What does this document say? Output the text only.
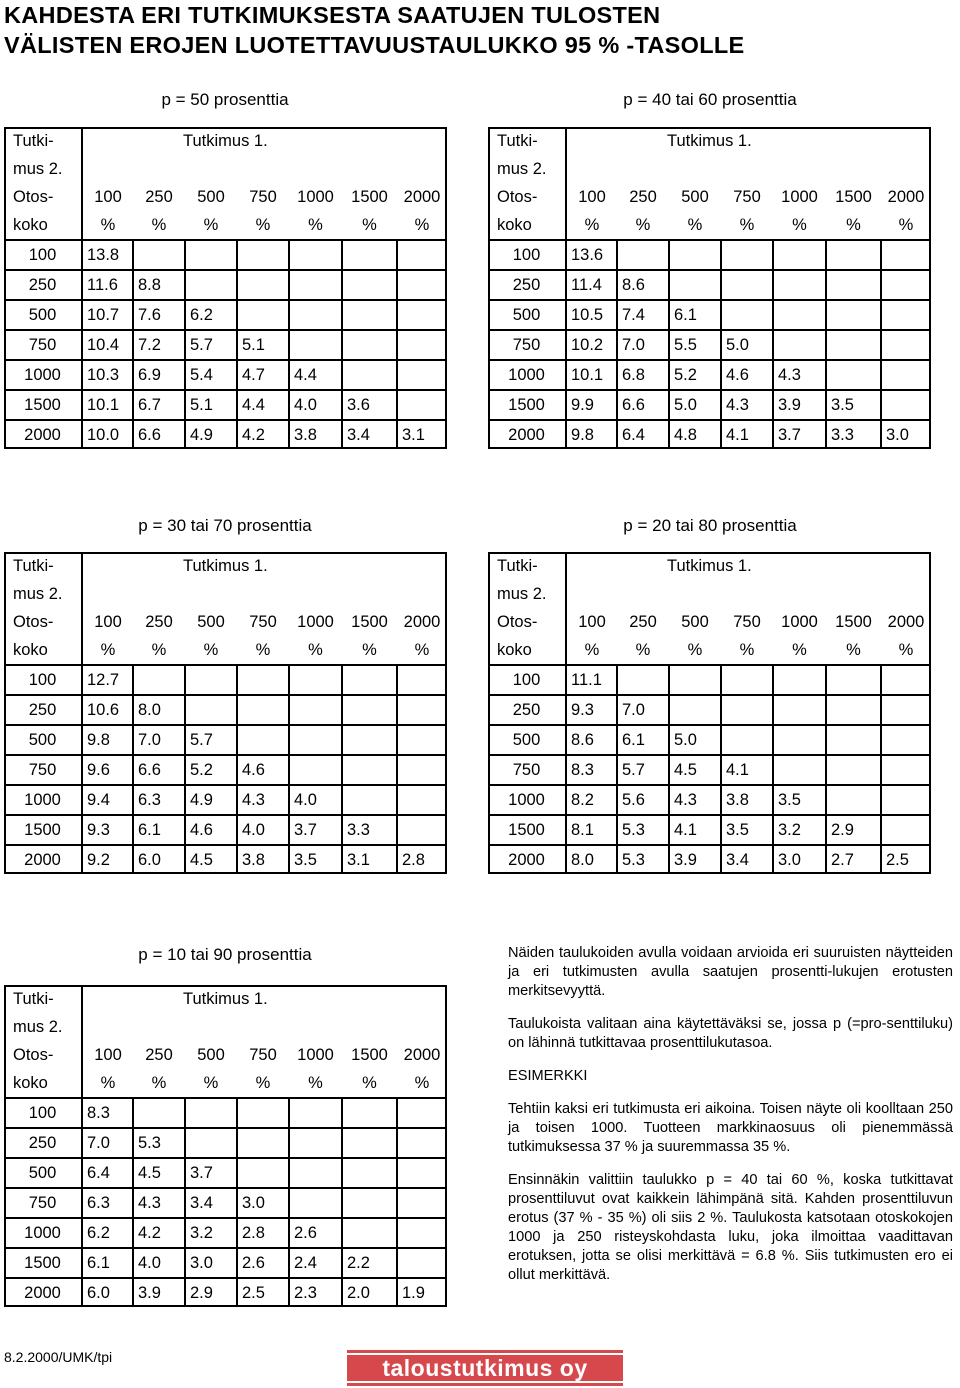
KAHDESTA ERI TUTKIMUKSESTA SAATUJEN TULOSTEN
VÄLISTEN EROJEN LUOTETTAVUUSTAULUKKO 95 % -TASOLLE
p = 50 prosenttia
Tutki-	Tutkimus 1.						
mus 2.							
Otos-	100	250	500	750	1000	1500	2000
koko	%	%	%	%	%	%	%
100	13.8						
250	11.6	8.8					
500	10.7	7.6	6.2				
750	10.4	7.2	5.7	5.1			
1000	10.3	6.9	5.4	4.7	4.4		
1500	10.1	6.7	5.1	4.4	4.0	3.6	
2000	10.0	6.6	4.9	4.2	3.8	3.4	3.1
p = 40 tai 60 prosenttia
Tutki-	Tutkimus 1.						
mus 2.							
Otos-	100	250	500	750	1000	1500	2000
koko	%	%	%	%	%	%	%
100	13.6						
250	11.4	8.6					
500	10.5	7.4	6.1				
750	10.2	7.0	5.5	5.0			
1000	10.1	6.8	5.2	4.6	4.3		
1500	9.9	6.6	5.0	4.3	3.9	3.5	
2000	9.8	6.4	4.8	4.1	3.7	3.3	3.0
p = 30 tai 70 prosenttia
Tutki-	Tutkimus 1.						
mus 2.							
Otos-	100	250	500	750	1000	1500	2000
koko	%	%	%	%	%	%	%
100	12.7						
250	10.6	8.0					
500	9.8	7.0	5.7				
750	9.6	6.6	5.2	4.6			
1000	9.4	6.3	4.9	4.3	4.0		
1500	9.3	6.1	4.6	4.0	3.7	3.3	
2000	9.2	6.0	4.5	3.8	3.5	3.1	2.8
p = 20 tai 80 prosenttia
Tutki-	Tutkimus 1.						
mus 2.							
Otos-	100	250	500	750	1000	1500	2000
koko	%	%	%	%	%	%	%
100	11.1						
250	9.3	7.0					
500	8.6	6.1	5.0				
750	8.3	5.7	4.5	4.1			
1000	8.2	5.6	4.3	3.8	3.5		
1500	8.1	5.3	4.1	3.5	3.2	2.9	
2000	8.0	5.3	3.9	3.4	3.0	2.7	2.5
p = 10 tai 90 prosenttia
Tutki-	Tutkimus 1.						
mus 2.							
Otos-	100	250	500	750	1000	1500	2000
koko	%	%	%	%	%	%	%
100	8.3						
250	7.0	5.3					
500	6.4	4.5	3.7				
750	6.3	4.3	3.4	3.0			
1000	6.2	4.2	3.2	2.8	2.6		
1500	6.1	4.0	3.0	2.6	2.4	2.2	
2000	6.0	3.9	2.9	2.5	2.3	2.0	1.9

Näiden taulukoiden avulla voidaan arvioida eri suuruisten näytteiden ja eri tutkimusten avulla saatujen prosentti-lukujen erotusten merkitsevyyttä.

Taulukoista valitaan aina käytettäväksi se, jossa p (=pro-senttiluku) on lähinnä tutkittavaa prosenttilukutasoa.

ESIMERKKI

Tehtiin kaksi eri tutkimusta eri aikoina. Toisen näyte oli koolltaan 250 ja toisen 1000. Tuotteen markkinaosuus oli pienemmässä tutkimuksessa 37 % ja suuremmassa 35 %.

Ensinnäkin valittiin taulukko p = 40 tai 60 %, koska tutkittavat prosenttiluvut ovat kaikkein lähimpänä sitä. Kahden prosenttiluvun erotus (37 % - 35 %) oli siis 2 %. Taulukosta katsotaan otoskokojen 1000 ja 250 risteyskohdasta luku, joka ilmoittaa vaadittavan erotuksen, jotta se olisi merkittävä = 6.8 %. Siis tutkimusten ero ei ollut merkittävä.

8.2.2000/UMK/tpi	taloustutkimus oy
